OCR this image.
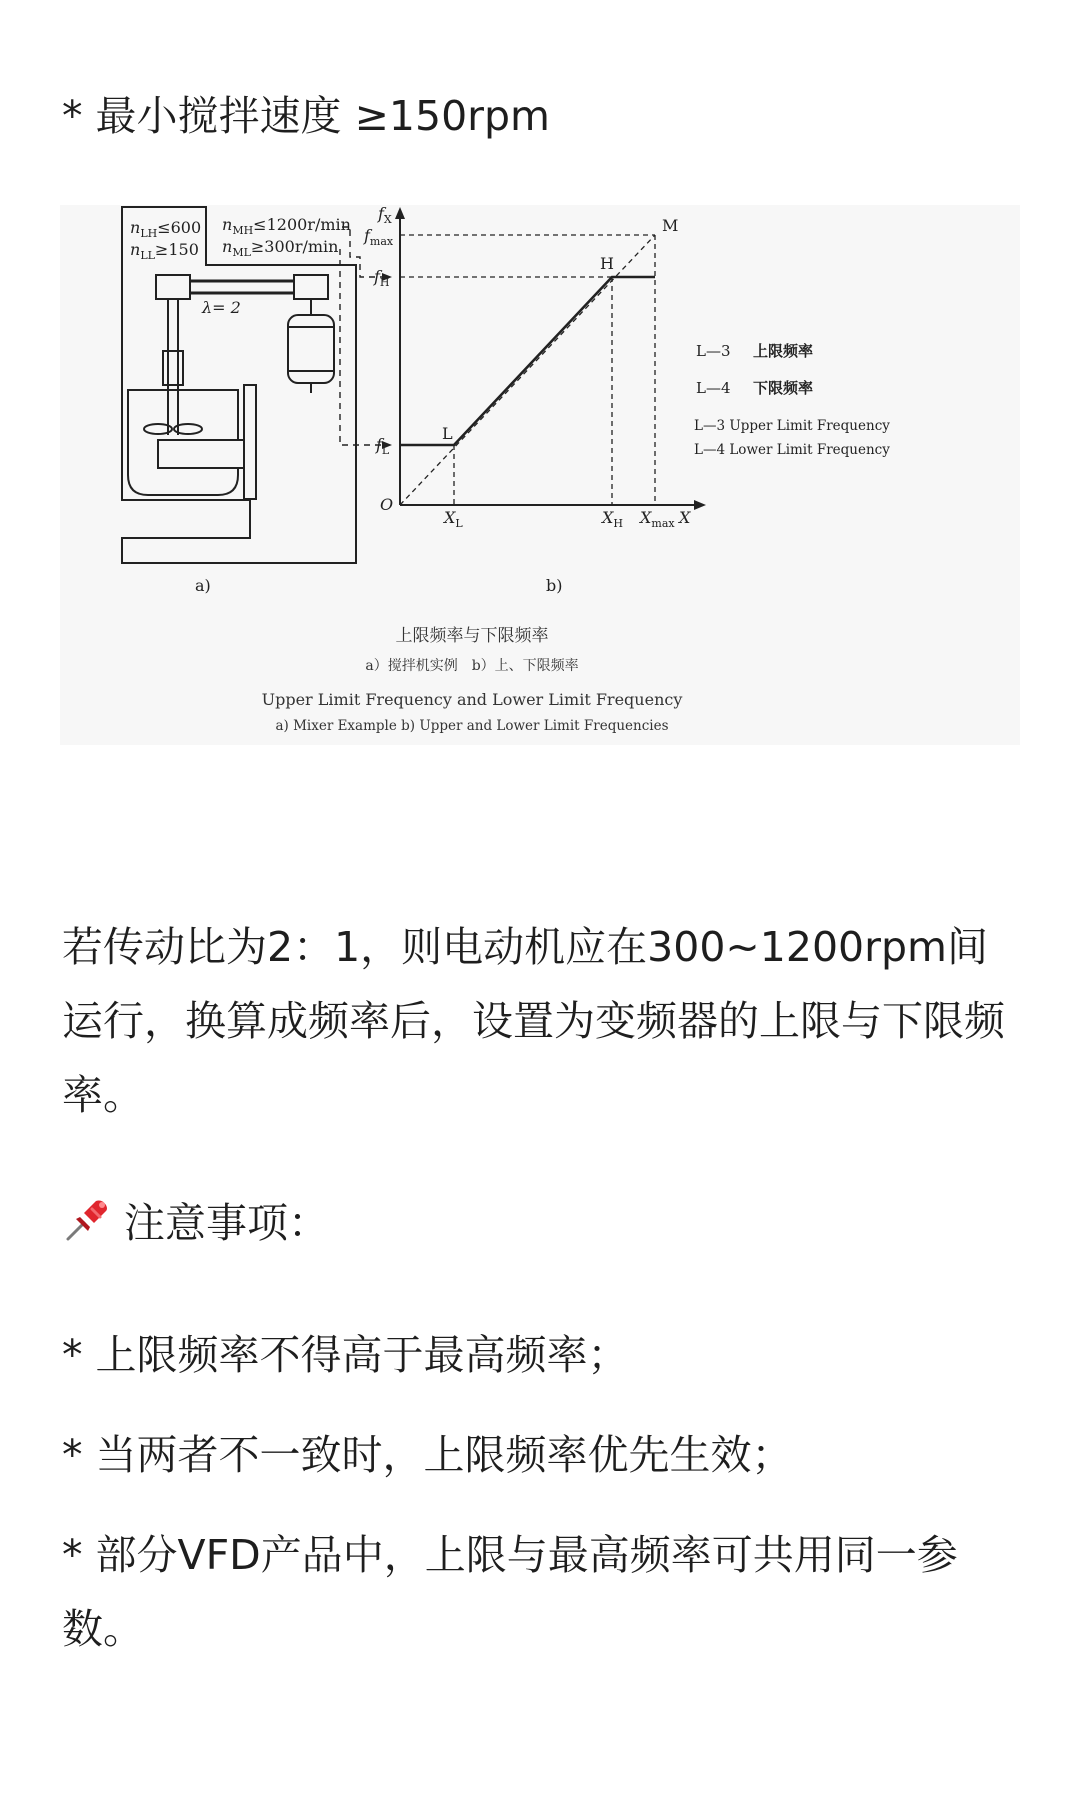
* 最小搅拌速度 ≥150rpm

$n_{LH}\le 600$
$n_{LL}\ge 150$
$n_{MH}\le 1200r/\min$
$n_{ML}\ge 300r/\min$
λ= 2
a)
$f_X$
$f_{max}$
$f_H$
$f_L$
O
$X_L$	$X_H$ $X_{max}$ X
L
H
M
b)
L—3 上限频率
L—4 下限频率
L—3 Upper Limit Frequency
L—4 Lower Limit Frequency
上限频率与下限频率
a）搅拌机实例　b）上、下限频率
Upper Limit Frequency and Lower Limit Frequency
a) Mixer Example b) Upper and Lower Limit Frequencies

若传动比为2：1，则电动机应在300~1200rpm间运行，换算成频率后，设置为变频器的上限与下限频率。

注意事项：

* 上限频率不得高于最高频率；

* 当两者不一致时，上限频率优先生效；

* 部分VFD产品中，上限与最高频率可共用同一参数。
